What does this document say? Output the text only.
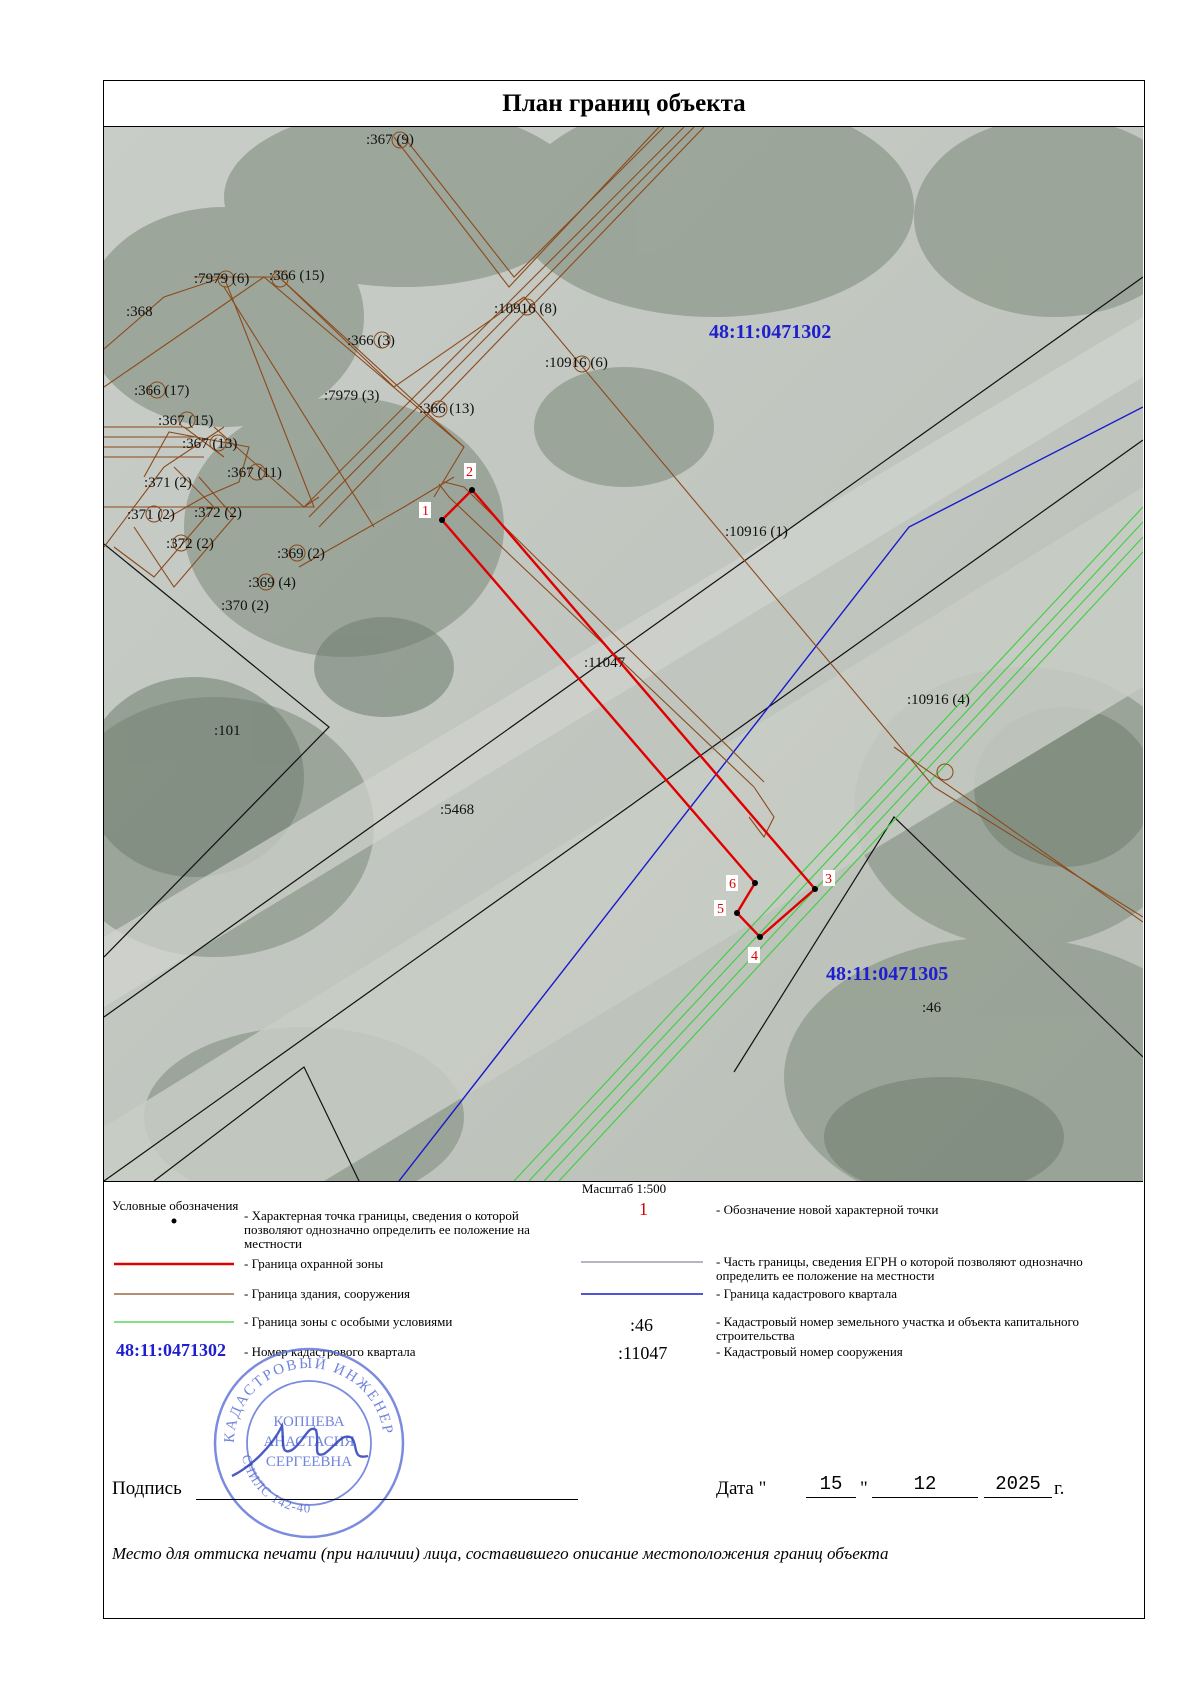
План границ объекта
1
2
3
4
5
6
:367 (9)
:7979 (6) :366 (15)
:368	:10916 (8)
:366 (3)
:10916 (6)
:366 (17)	:7979 (3)
:366 (13)
:367 (15)
:367 (13)
:367 (11)
:371 (2)
:371 (2) :372 (2)
:372 (2)
:369 (2)
:369 (4)
:370 (2)
:10916 (1)
:11047
:10916 (4)
:101
:5468
:46
48:11:0471302
48:11:0471305
Масштаб 1:500
Условные обозначения
- Характерная точка границы, сведения о которой позволяют однозначно определить ее положение на местности
- Граница охранной зоны
- Граница здания, сооружения
- Граница зоны с особыми условиями
48:11:0471302 - Номер кадастрового квартала
1	- Обозначение новой характерной точки
- Часть границы, сведения ЕГРН о которой позволяют однозначно определить ее положение на местности
- Граница кадастрового квартала
:46	- Кадастровый номер земельного участка и объекта капитального строительства
:11047	- Кадастровый номер сооружения
КАДАСТРОВЫЙ ИНЖЕНЕР
СНИЛС 142-40
КОПЦЕВА
АНАСТАСИЯ
СЕРГЕЕВНА
Подпись	Дата "	15 "	12	2025 г.
Место для оттиска печати (при наличии) лица, составившего описание местоположения границ объекта
